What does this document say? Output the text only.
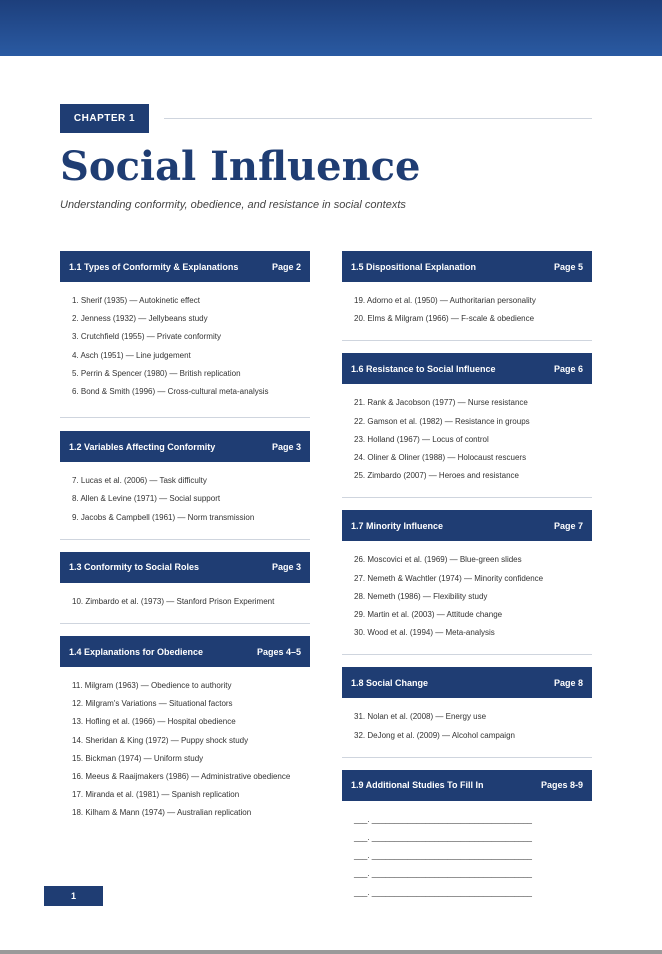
CHAPTER 1
Social Influence
Understanding conformity, obedience, and resistance in social contexts
1.1 Types of Conformity & Explanations	Page 2
1. Sherif (1935) — Autokinetic effect
2. Jenness (1932) — Jellybeans study
3. Crutchfield (1955) — Private conformity
4. Asch (1951) — Line judgement
5. Perrin & Spencer (1980) — British replication
6. Bond & Smith (1996) — Cross-cultural meta-analysis
1.2 Variables Affecting Conformity	Page 3
7. Lucas et al. (2006) — Task difficulty
8. Allen & Levine (1971) — Social support
9. Jacobs & Campbell (1961) — Norm transmission
1.3 Conformity to Social Roles	Page 3
10. Zimbardo et al. (1973) — Stanford Prison Experiment
1.4 Explanations for Obedience	Pages 4–5
11. Milgram (1963) — Obedience to authority
12. Milgram's Variations — Situational factors
13. Hofling et al. (1966) — Hospital obedience
14. Sheridan & King (1972) — Puppy shock study
15. Bickman (1974) — Uniform study
16. Meeus & Raaijmakers (1986) — Administrative obedience
17. Miranda et al. (1981) — Spanish replication
18. Kilham & Mann (1974) — Australian replication
1.5 Dispositional Explanation	Page 5
19. Adorno et al. (1950) — Authoritarian personality
20. Elms & Milgram (1966) — F-scale & obedience
1.6 Resistance to Social Influence	Page 6
21. Rank & Jacobson (1977) — Nurse resistance
22. Gamson et al. (1982) — Resistance in groups
23. Holland (1967) — Locus of control
24. Oliner & Oliner (1988) — Holocaust rescuers
25. Zimbardo (2007) — Heroes and resistance
1.7 Minority Influence	Page 7
26. Moscovici et al. (1969) — Blue-green slides
27. Nemeth & Wachtler (1974) — Minority confidence
28. Nemeth (1986) — Flexibility study
29. Martin et al. (2003) — Attitude change
30. Wood et al. (1994) — Meta-analysis
1.8 Social Change	Page 8
31. Nolan et al. (2008) — Energy use
32. DeJong et al. (2009) — Alcohol campaign
1.9 Additional Studies To Fill In	Pages 8-9
___. ____________________________________
___. ____________________________________
___. ____________________________________
___. ____________________________________
___. ____________________________________
1
